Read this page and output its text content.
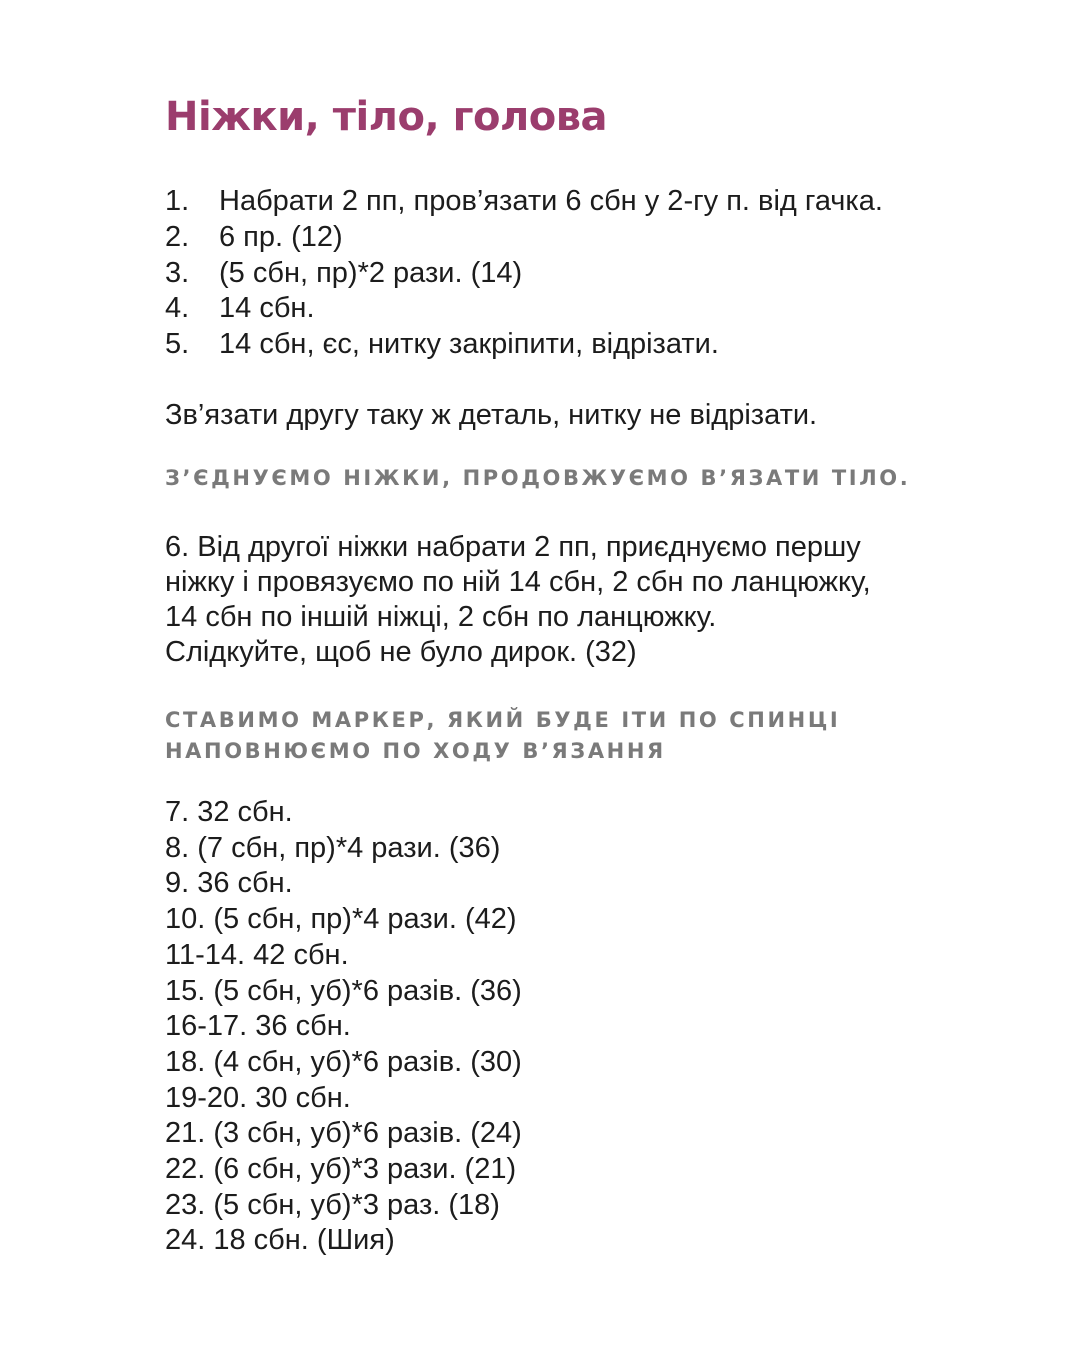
Ніжки, тіло, голова
1.	Набрати 2 пп, пров’язати 6 сбн у 2-гу п. від гачка.
2.	6 пр. (12)
3.	(5 сбн, пр)*2 рази. (14)
4.	14 сбн.
5.	14 сбн, єс, нитку закріпити, відрізати.

Зв’язати другу таку ж деталь, нитку не відрізати.

З’ЄДНУЄМО НІЖКИ, ПРОДОВЖУЄМО В’ЯЗАТИ ТІЛО.
6. Від другої ніжки набрати 2 пп, приєднуємо першу
ніжку і провязуємо по ній 14 сбн, 2 сбн по ланцюжку,
14 сбн по іншій ніжці, 2 сбн по ланцюжку.
Слідкуйте, щоб не було дирок. (32)
СТАВИМО МАРКЕР, ЯКИЙ БУДЕ ІТИ ПО СПИНЦІ
НАПОВНЮЄМО ПО ХОДУ В’ЯЗАННЯ
7. 32 сбн.
8. (7 сбн, пр)*4 рази. (36)
9. 36 сбн.
10. (5 сбн, пр)*4 рази. (42)
11-14. 42 сбн.
15. (5 сбн, уб)*6 разів. (36)
16-17. 36 сбн.
18. (4 сбн, уб)*6 разів. (30)
19-20. 30 сбн.
21. (3 сбн, уб)*6 разів. (24)
22. (6 сбн, уб)*3 рази. (21)
23. (5 сбн, уб)*3 раз. (18)
24. 18 сбн. (Шия)
